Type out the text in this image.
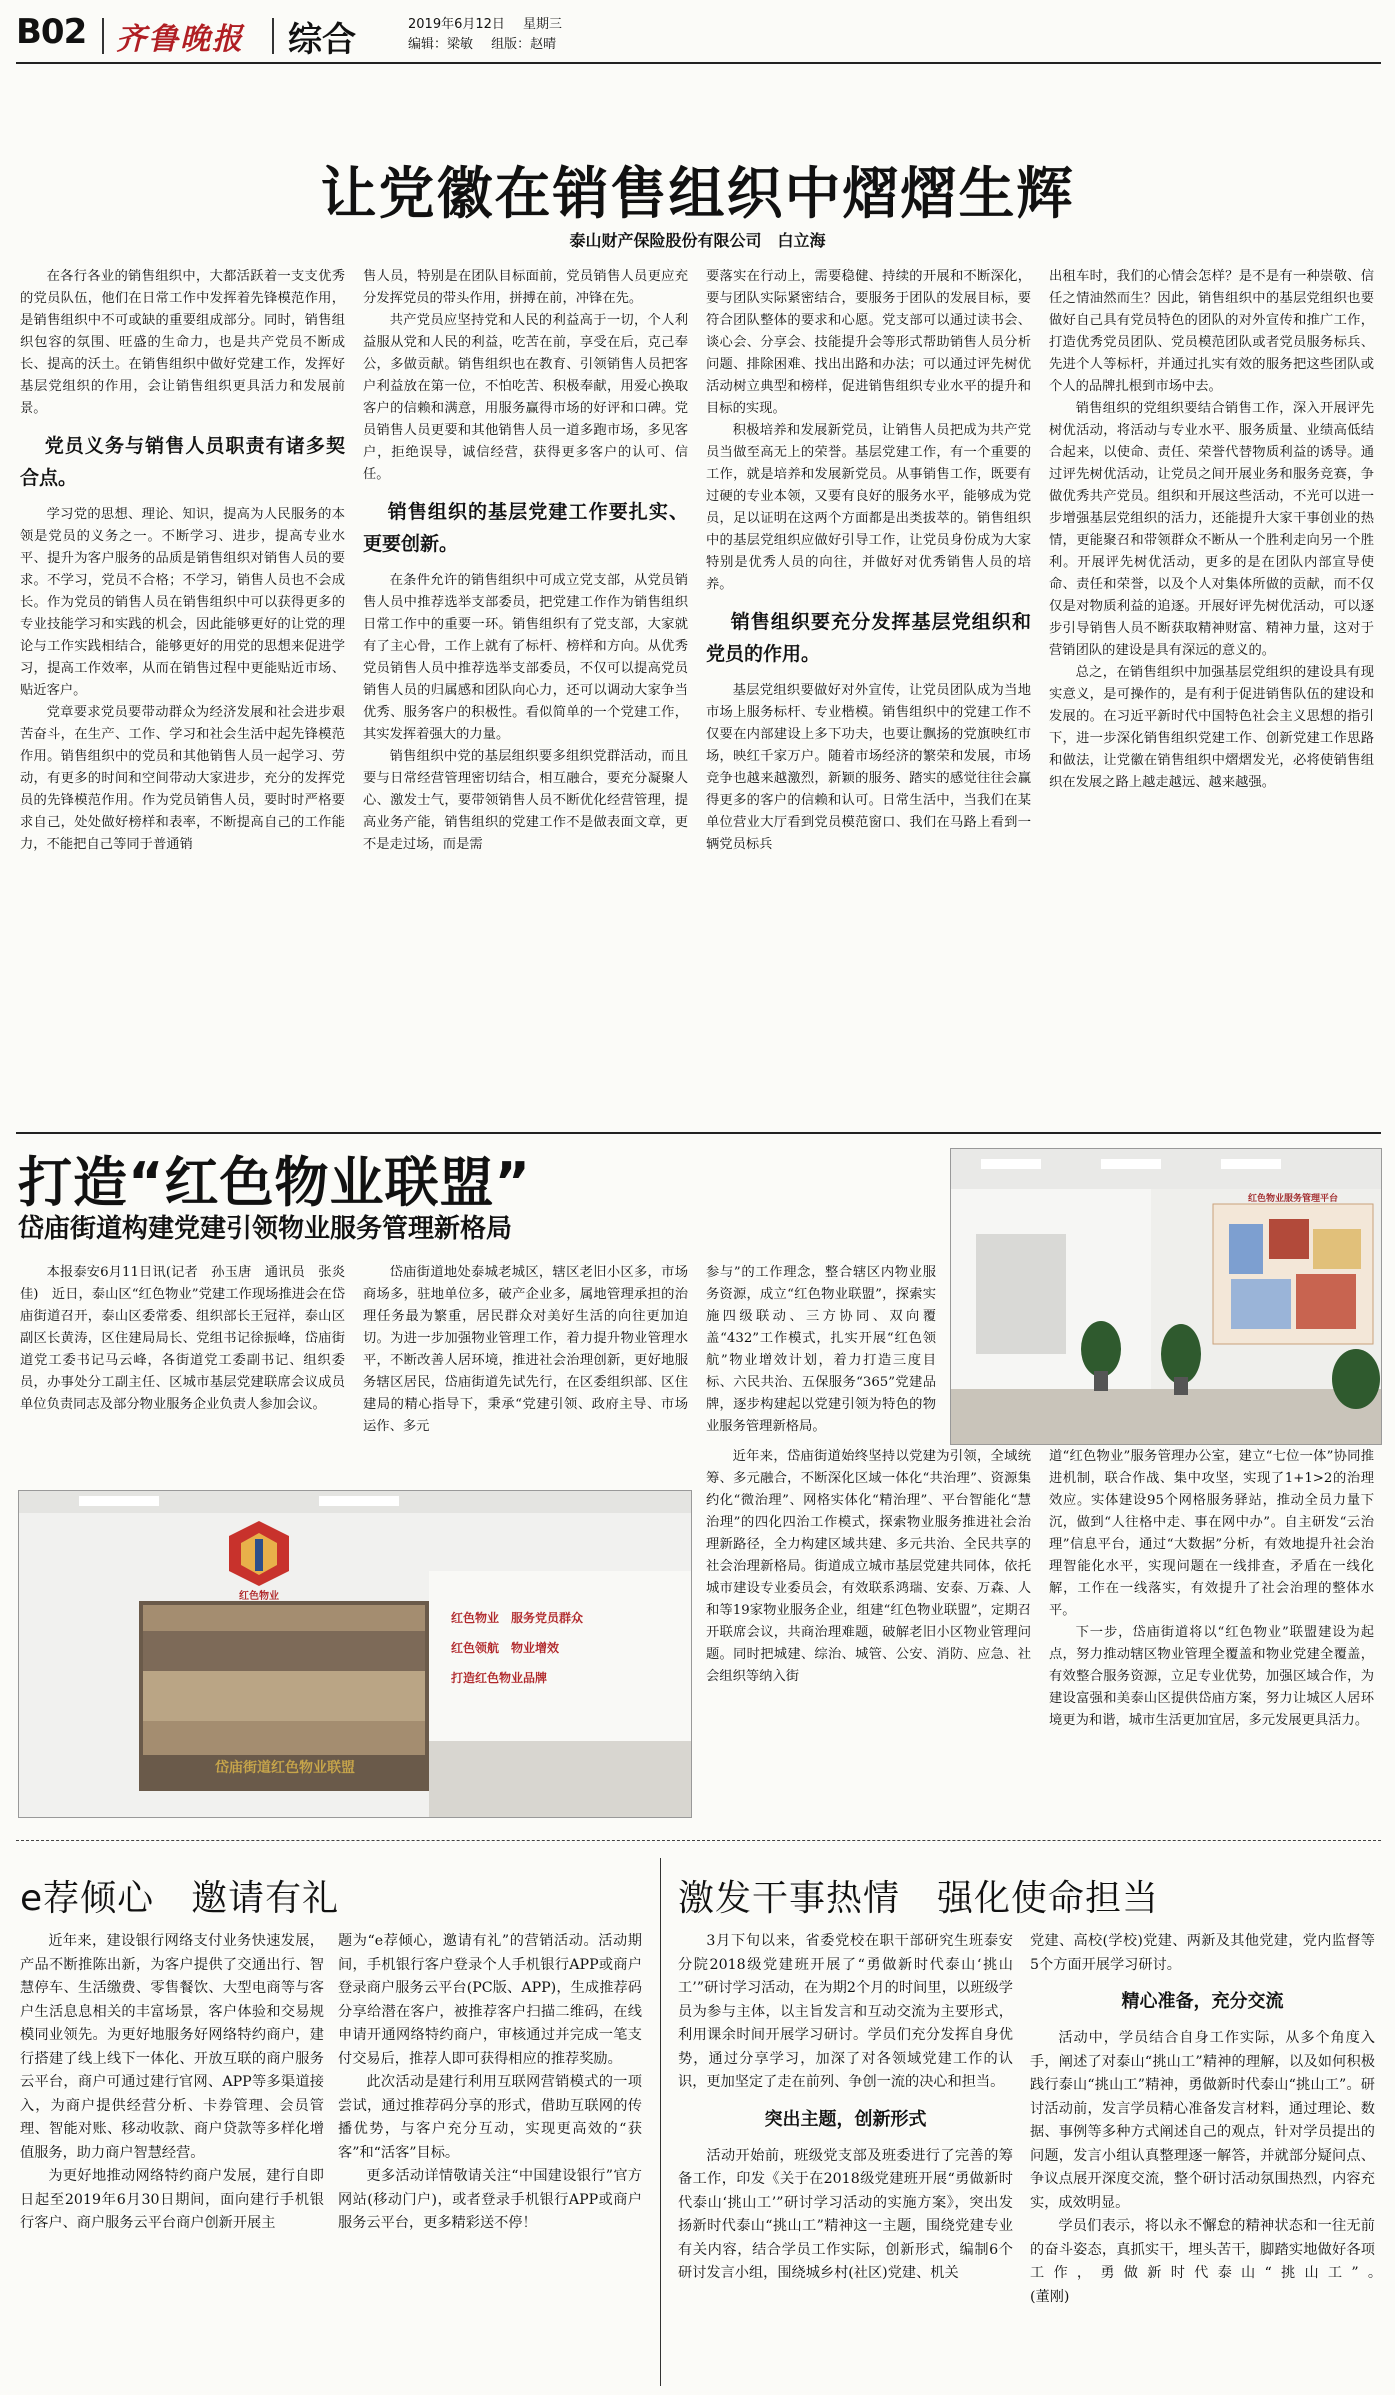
B02 齐鲁晚报 综合	2019年6月12日 星期三
编辑：梁敏 组版：赵晴
让党徽在销售组织中熠熠生辉
泰山财产保险股份有限公司　白立海

在各行各业的销售组织中，大都活跃着一支支优秀的党员队伍，他们在日常工作中发挥着先锋模范作用，是销售组织中不可或缺的重要组成部分。同时，销售组织包容的氛围、旺盛的生命力，也是共产党员不断成长、提高的沃土。在销售组织中做好党建工作，发挥好基层党组织的作用，会让销售组织更具活力和发展前景。

党员义务与销售人员职责有诸多契合点。

学习党的思想、理论、知识，提高为人民服务的本领是党员的义务之一。不断学习、进步，提高专业水平、提升为客户服务的品质是销售组织对销售人员的要求。不学习，党员不合格；不学习，销售人员也不会成长。作为党员的销售人员在销售组织中可以获得更多的专业技能学习和实践的机会，因此能够更好的让党的理论与工作实践相结合，能够更好的用党的思想来促进学习，提高工作效率，从而在销售过程中更能贴近市场、贴近客户。

党章要求党员要带动群众为经济发展和社会进步艰苦奋斗，在生产、工作、学习和社会生活中起先锋模范作用。销售组织中的党员和其他销售人员一起学习、劳动，有更多的时间和空间带动大家进步，充分的发挥党员的先锋模范作用。作为党员销售人员，要时时严格要求自己，处处做好榜样和表率，不断提高自己的工作能力，不能把自己等同于普通销

售人员，特别是在团队目标面前，党员销售人员更应充分发挥党员的带头作用，拼搏在前，冲锋在先。

共产党员应坚持党和人民的利益高于一切，个人利益服从党和人民的利益，吃苦在前，享受在后，克己奉公，多做贡献。销售组织也在教育、引领销售人员把客户利益放在第一位，不怕吃苦、积极奉献，用爱心换取客户的信赖和满意，用服务赢得市场的好评和口碑。党员销售人员更要和其他销售人员一道多跑市场，多见客户，拒绝误导，诚信经营，获得更多客户的认可、信任。

销售组织的基层党建工作要扎实、更要创新。

在条件允许的销售组织中可成立党支部，从党员销售人员中推荐选举支部委员，把党建工作作为销售组织日常工作中的重要一环。销售组织有了党支部，大家就有了主心骨，工作上就有了标杆、榜样和方向。从优秀党员销售人员中推荐选举支部委员，不仅可以提高党员销售人员的归属感和团队向心力，还可以调动大家争当优秀、服务客户的积极性。看似简单的一个党建工作，其实发挥着强大的力量。

销售组织中党的基层组织要多组织党群活动，而且要与日常经营管理密切结合，相互融合，要充分凝聚人心、激发士气，要带领销售人员不断优化经营管理，提高业务产能，销售组织的党建工作不是做表面文章，更不是走过场，而是需

要落实在行动上，需要稳健、持续的开展和不断深化，要与团队实际紧密结合，要服务于团队的发展目标，要符合团队整体的要求和心愿。党支部可以通过读书会、谈心会、分享会、技能提升会等形式帮助销售人员分析问题、排除困难、找出出路和办法；可以通过评先树优活动树立典型和榜样，促进销售组织专业水平的提升和目标的实现。

积极培养和发展新党员，让销售人员把成为共产党员当做至高无上的荣誉。基层党建工作，有一个重要的工作，就是培养和发展新党员。从事销售工作，既要有过硬的专业本领，又要有良好的服务水平，能够成为党员，足以证明在这两个方面都是出类拔萃的。销售组织中的基层党组织应做好引导工作，让党员身份成为大家特别是优秀人员的向往，并做好对优秀销售人员的培养。

销售组织要充分发挥基层党组织和党员的作用。

基层党组织要做好对外宣传，让党员团队成为当地市场上服务标杆、专业楷模。销售组织中的党建工作不仅要在内部建设上多下功夫，也要让飘扬的党旗映红市场，映红千家万户。随着市场经济的繁荣和发展，市场竞争也越来越激烈，新颖的服务、踏实的感觉往往会赢得更多的客户的信赖和认可。日常生活中，当我们在某单位营业大厅看到党员模范窗口、我们在马路上看到一辆党员标兵

出租车时，我们的心情会怎样？是不是有一种崇敬、信任之情油然而生？因此，销售组织中的基层党组织也要做好自己具有党员特色的团队的对外宣传和推广工作，打造优秀党员团队、党员模范团队或者党员服务标兵、先进个人等标杆，并通过扎实有效的服务把这些团队或个人的品牌扎根到市场中去。

销售组织的党组织要结合销售工作，深入开展评先树优活动，将活动与专业水平、服务质量、业绩高低结合起来，以使命、责任、荣誉代替物质利益的诱导。通过评先树优活动，让党员之间开展业务和服务竞赛，争做优秀共产党员。组织和开展这些活动，不光可以进一步增强基层党组织的活力，还能提升大家干事创业的热情，更能聚召和带领群众不断从一个胜利走向另一个胜利。开展评先树优活动，更多的是在团队内部宣导使命、责任和荣誉，以及个人对集体所做的贡献，而不仅仅是对物质利益的追逐。开展好评先树优活动，可以逐步引导销售人员不断获取精神财富、精神力量，这对于营销团队的建设是具有深远的意义的。

总之，在销售组织中加强基层党组织的建设具有现实意义，是可操作的，是有利于促进销售队伍的建设和发展的。在习近平新时代中国特色社会主义思想的指引下，进一步深化销售组织党建工作、创新党建工作思路和做法，让党徽在销售组织中熠熠发光，必将使销售组织在发展之路上越走越远、越来越强。

打造“红色物业联盟”
岱庙街道构建党建引领物业服务管理新格局
红色物业服务管理平台

本报泰安6月11日讯(记者　孙玉唐　通讯员　张炎佳)　近日，泰山区“红色物业”党建工作现场推进会在岱庙街道召开，泰山区委常委、组织部长王冠祥，泰山区副区长黄涛，区住建局局长、党组书记徐振峰，岱庙街道党工委书记马云峰，各街道党工委副书记、组织委员，办事处分工副主任、区城市基层党建联席会议成员单位负责同志及部分物业服务企业负责人参加会议。

岱庙街道地处泰城老城区，辖区老旧小区多，市场商场多，驻地单位多，破产企业多，属地管理承担的治理任务最为繁重，居民群众对美好生活的向往更加迫切。为进一步加强物业管理工作，着力提升物业管理水平，不断改善人居环境，推进社会治理创新，更好地服务辖区居民，岱庙街道先试先行，在区委组织部、区住建局的精心指导下，秉承“党建引领、政府主导、市场运作、多元

参与”的工作理念，整合辖区内物业服务资源，成立“红色物业联盟”，探索实施四级联动、三方协同、双向覆盖“432”工作模式，扎实开展“红色领航”物业增效计划，着力打造三度目标、六民共治、五保服务“365”党建品牌，逐步构建起以党建引领为特色的物业服务管理新格局。

红色物业
岱庙街道红色物业联盟
红色物业　服务党员群众
红色领航　物业增效
打造红色物业品牌

近年来，岱庙街道始终坚持以党建为引领，全域统筹、多元融合，不断深化区域一体化“共治理”、资源集约化“微治理”、网格实体化“精治理”、平台智能化“慧治理”的四化四治工作模式，探索物业服务推进社会治理新路径，全力构建区域共建、多元共治、全民共享的社会治理新格局。街道成立城市基层党建共同体，依托城市建设专业委员会，有效联系鸿瑞、安泰、万森、人和等19家物业服务企业，组建“红色物业联盟”，定期召开联席会议，共商治理难题，破解老旧小区物业管理问题。同时把城建、综治、城管、公安、消防、应急、社会组织等纳入街

道“红色物业”服务管理办公室，建立“七位一体”协同推进机制，联合作战、集中攻坚，实现了1+1>2的治理效应。实体建设95个网格服务驿站，推动全员力量下沉，做到“人往格中走、事在网中办”。自主研发“云治理”信息平台，通过“大数据”分析，有效地提升社会治理智能化水平，实现问题在一线排查，矛盾在一线化解，工作在一线落实，有效提升了社会治理的整体水平。

下一步，岱庙街道将以“红色物业”联盟建设为起点，努力推动辖区物业管理全覆盖和物业党建全覆盖，有效整合服务资源，立足专业优势，加强区域合作，为建设富强和美泰山区提供岱庙方案，努力让城区人居环境更为和谐，城市生活更加宜居，多元发展更具活力。

e荐倾心　邀请有礼

近年来，建设银行网络支付业务快速发展，产品不断推陈出新，为客户提供了交通出行、智慧停车、生活缴费、零售餐饮、大型电商等与客户生活息息相关的丰富场景，客户体验和交易规模同业领先。为更好地服务好网络特约商户，建行搭建了线上线下一体化、开放互联的商户服务云平台，商户可通过建行官网、APP等多渠道接入，为商户提供经营分析、卡券管理、会员管理、智能对账、移动收款、商户贷款等多样化增值服务，助力商户智慧经营。

为更好地推动网络特约商户发展，建行自即日起至2019年6月30日期间，面向建行手机银行客户、商户服务云平台商户创新开展主

题为“e荐倾心，邀请有礼”的营销活动。活动期间，手机银行客户登录个人手机银行APP或商户登录商户服务云平台(PC版、APP)，生成推荐码分享给潜在客户，被推荐客户扫描二维码，在线申请开通网络特约商户，审核通过并完成一笔支付交易后，推荐人即可获得相应的推荐奖励。

此次活动是建行利用互联网营销模式的一项尝试，通过推荐码分享的形式，借助互联网的传播优势，与客户充分互动，实现更高效的“获客”和“活客”目标。

更多活动详情敬请关注“中国建设银行”官方网站(移动门户)，或者登录手机银行APP或商户服务云平台，更多精彩送不停！

激发干事热情　强化使命担当

3月下旬以来，省委党校在职干部研究生班泰安分院2018级党建班开展了“勇做新时代泰山‘挑山工’”研讨学习活动，在为期2个月的时间里，以班级学员为参与主体，以主旨发言和互动交流为主要形式，利用课余时间开展学习研讨。学员们充分发挥自身优势，通过分享学习，加深了对各领域党建工作的认识，更加坚定了走在前列、争创一流的决心和担当。

突出主题，创新形式

活动开始前，班级党支部及班委进行了完善的筹备工作，印发《关于在2018级党建班开展“勇做新时代泰山‘挑山工’”研讨学习活动的实施方案》，突出发扬新时代泰山“挑山工”精神这一主题，围绕党建专业有关内容，结合学员工作实际，创新形式，编制6个研讨发言小组，围绕城乡村(社区)党建、机关

党建、高校(学校)党建、两新及其他党建，党内监督等5个方面开展学习研讨。

精心准备，充分交流

活动中，学员结合自身工作实际，从多个角度入手，阐述了对泰山“挑山工”精神的理解，以及如何积极践行泰山“挑山工”精神，勇做新时代泰山“挑山工”。研讨活动前，发言学员精心准备发言材料，通过理论、数据、事例等多种方式阐述自己的观点，针对学员提出的问题，发言小组认真整理逐一解答，并就部分疑问点、争议点展开深度交流，整个研讨活动氛围热烈，内容充实，成效明显。

学员们表示，将以永不懈怠的精神状态和一往无前的奋斗姿态，真抓实干，埋头苦干，脚踏实地做好各项工作，勇做新时代泰山“挑山工”。　　　　　　　　　　　(董刚)
